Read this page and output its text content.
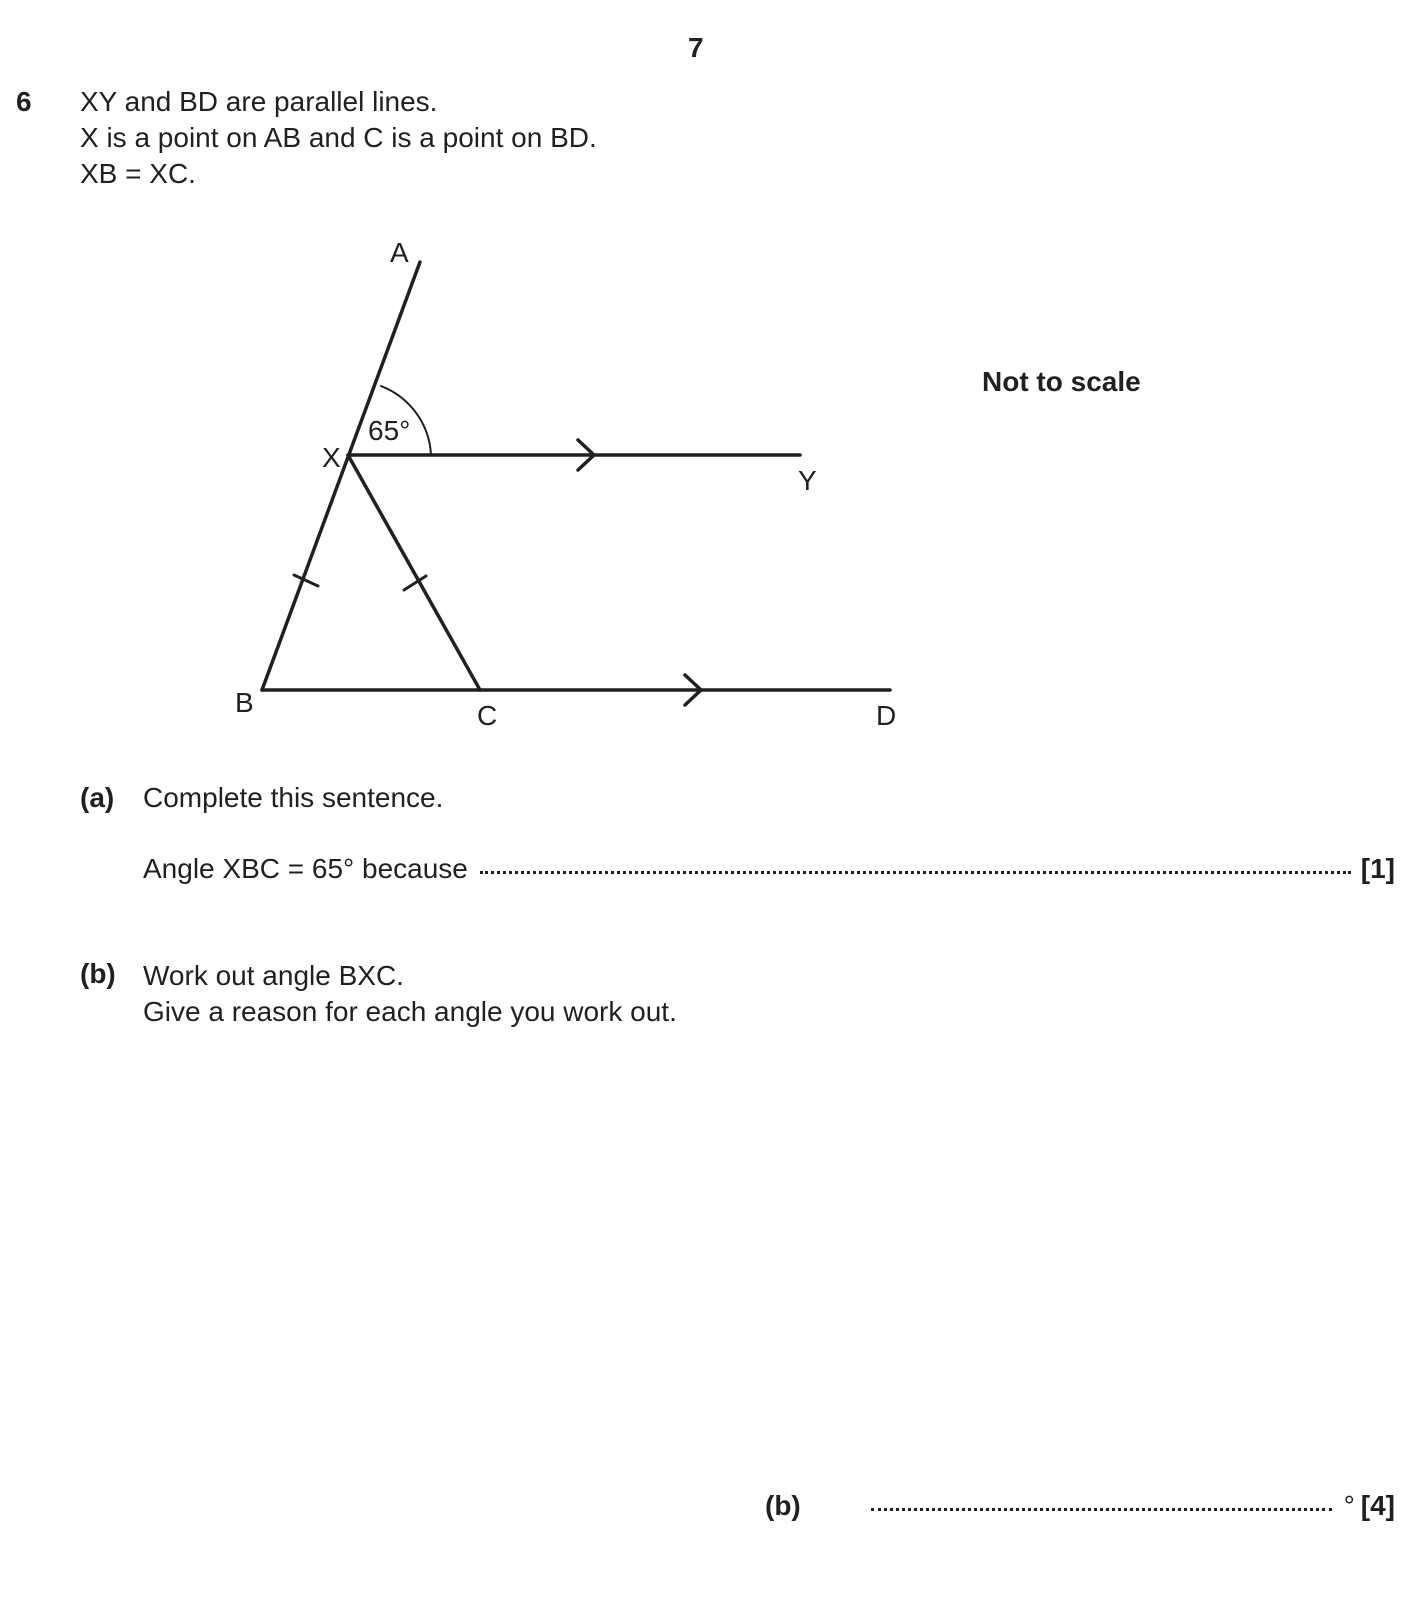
7
6 XY and BD are parallel lines.
X is a point on AB and C is a point on BD.
XB = XC.
A
X
Y
B	C	D
65°
Not to scale
(a) Complete this sentence.
Angle XBC = 65° because	[1]
(b) Work out angle BXC.
Give a reason for each angle you work out.
(b)	° [4]
